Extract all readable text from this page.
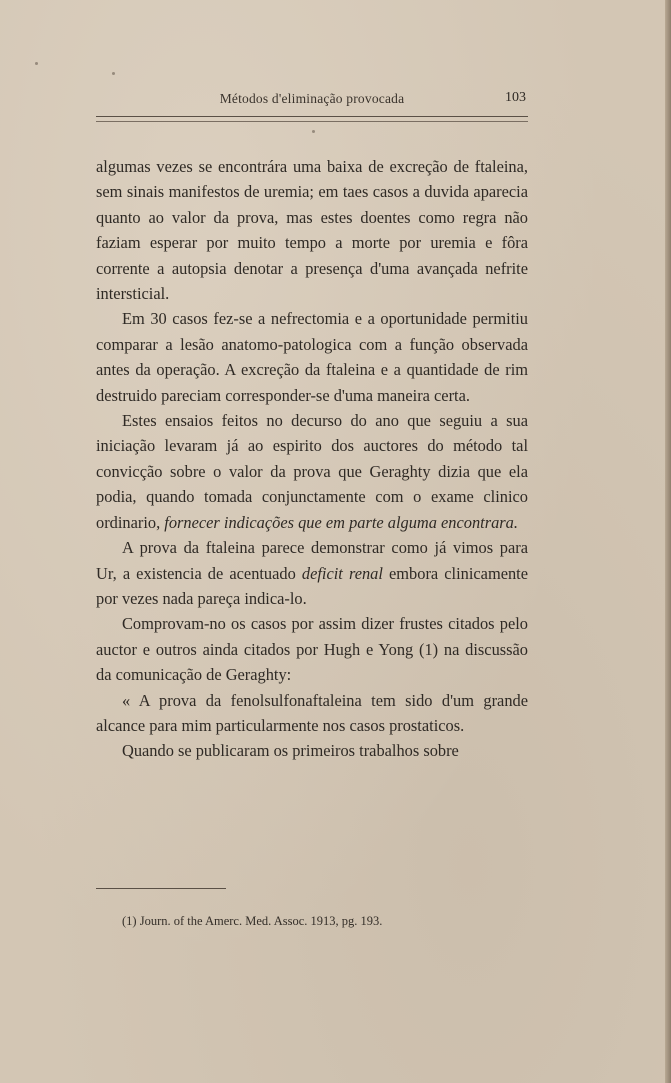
Métodos d'eliminação provocada	103

algumas vezes se encontrára uma baixa de excreção de ftaleina, sem sinais manifestos de uremia; em taes casos a duvida aparecia quanto ao valor da prova, mas estes doentes como regra não faziam esperar por muito tempo a morte por uremia e fôra corrente a autopsia denotar a presença d'uma avançada nefrite intersticial.

Em 30 casos fez-se a nefrectomia e a oportunidade permitiu comparar a lesão anatomo-patologica com a função observada antes da operação. A excreção da ftaleina e a quantidade de rim destruido pareciam corresponder-se d'uma maneira certa.

Estes ensaios feitos no decurso do ano que seguiu a sua iniciação levaram já ao espirito dos auctores do método tal convicção sobre o valor da prova que Geraghty dizia que ela podia, quando tomada conjunctamente com o exame clinico ordinario, fornecer indicações que em parte alguma encontrara.

A prova da ftaleina parece demonstrar como já vimos para Ur, a existencia de acentuado deficit renal embora clinicamente por vezes nada pareça indica-lo.

Comprovam-no os casos por assim dizer frustes citados pelo auctor e outros ainda citados por Hugh e Yong (1) na discussão da comunicação de Geraghty:

« A prova da fenolsulfonaftaleina tem sido d'um grande alcance para mim particularmente nos casos prostaticos.

Quando se publicaram os primeiros trabalhos sobre

(1) Journ. of the Amerc. Med. Assoc. 1913, pg. 193.
